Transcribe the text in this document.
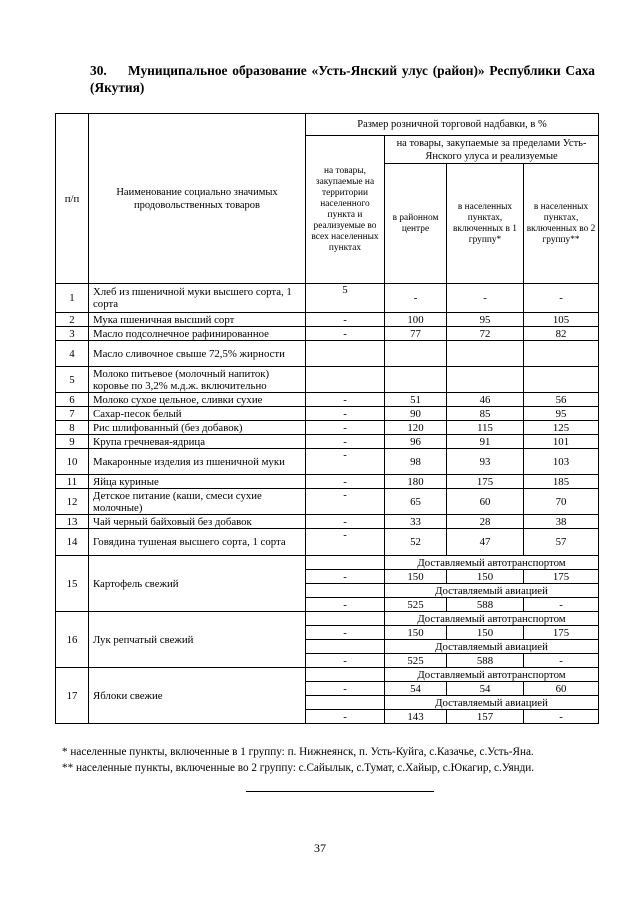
30. Муниципальное образование «Усть-Янский улус (район)» Республики Саха (Якутия)
п/п	Наименование социально значимых продовольственных товаров	Размер розничной торговой надбавки, в %			
		на товары, закупаемые на территории населенного пункта и реализуемые во всех населенных пунктах	на товары, закупаемые за пределами Усть-Янского улуса и реализуемые		
			в районном центре	в населенных пунктах, включенных в 1 группу*	в населенных пунктах, включенных во 2 группу**
1	Хлеб из пшеничной муки высшего сорта, 1 сорта	5	-	-	-
2	Мука пшеничная высший сорт	-	100	95	105
3	Масло подсолнечное рафинированное	-	77	72	82
4	Масло сливочное свыше 72,5% жирности				
5	Молоко питьевое (молочный напиток) коровье по 3,2% м.д.ж. включительно				
6	Молоко сухое цельное, сливки сухие	-	51	46	56
7	Сахар-песок белый	-	90	85	95
8	Рис шлифованный (без добавок)	-	120	115	125
9	Крупа гречневая-ядрица	-	96	91	101
10	Макаронные изделия из пшеничной муки	-	98	93	103
11	Яйца куриные	-	180	175	185
12	Детское питание (каши, смеси сухие молочные)	-	65	60	70
13	Чай черный байховый без добавок	-	33	28	38
14	Говядина тушеная высшего сорта, 1 сорта	-	52	47	57
15	Картофель свежий		Доставляемый автотранспортом		
		-	150	150	175
			Доставляемый авиацией		
		-	525	588	-
16	Лук репчатый свежий		Доставляемый автотранспортом		
		-	150	150	175
			Доставляемый авиацией		
		-	525	588	-
17	Яблоки свежие		Доставляемый автотранспортом		
		-	54	54	60
			Доставляемый авиацией		
		-	143	157	-
* населенные пункты, включенные в 1 группу: п. Нижнеянск, п. Усть-Куйга, с.Казачье, с.Усть-Яна.
** населенные пункты, включенные во 2 группу: с.Сайылык, с.Тумат, с.Хайыр, с.Юкагир, с.Уянди.
37
